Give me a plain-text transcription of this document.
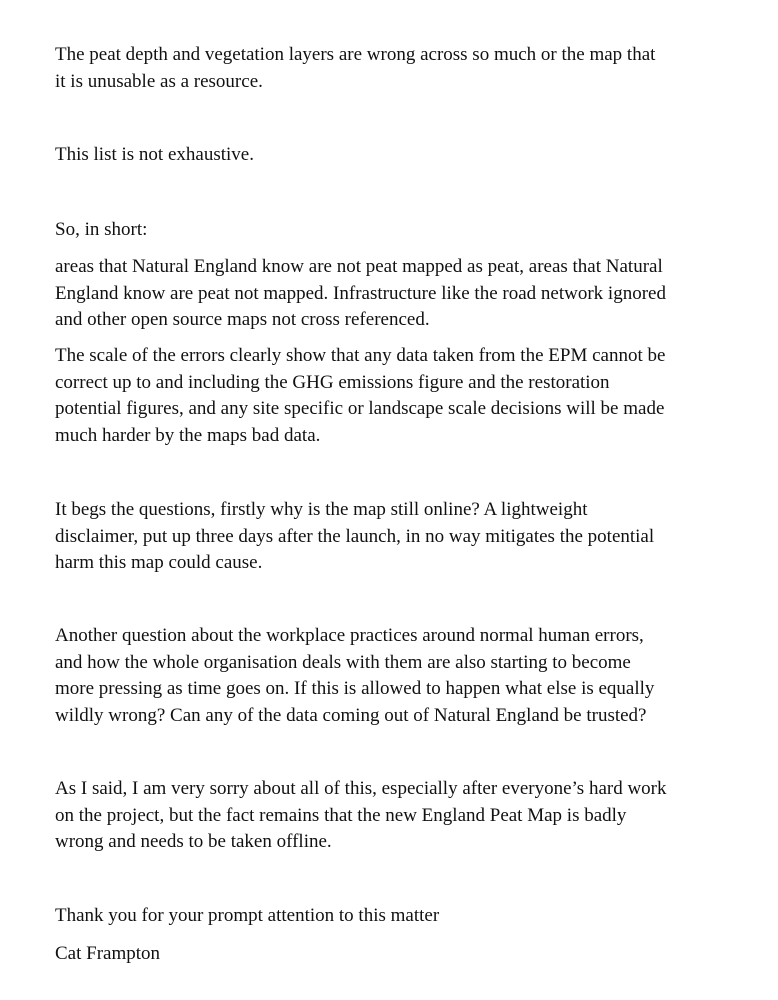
The peat depth and vegetation layers are wrong across so much or the map that
it is unusable as a resource.

This list is not exhaustive.

So, in short:

areas that Natural England know are not peat mapped as peat, areas that Natural
England know are peat not mapped. Infrastructure like the road network ignored
and other open source maps not cross referenced.

The scale of the errors clearly show that any data taken from the EPM cannot be
correct up to and including the GHG emissions figure and the restoration
potential figures, and any site specific or landscape scale decisions will be made
much harder by the maps bad data.

It begs the questions, firstly why is the map still online? A lightweight
disclaimer, put up three days after the launch, in no way mitigates the potential
harm this map could cause.

Another question about the workplace practices around normal human errors,
and how the whole organisation deals with them are also starting to become
more pressing as time goes on. If this is allowed to happen what else is equally
wildly wrong? Can any of the data coming out of Natural England be trusted?

As I said, I am very sorry about all of this, especially after everyone’s hard work
on the project, but the fact remains that the new England Peat Map is badly
wrong and needs to be taken offline.

Thank you for your prompt attention to this matter

Cat Frampton
